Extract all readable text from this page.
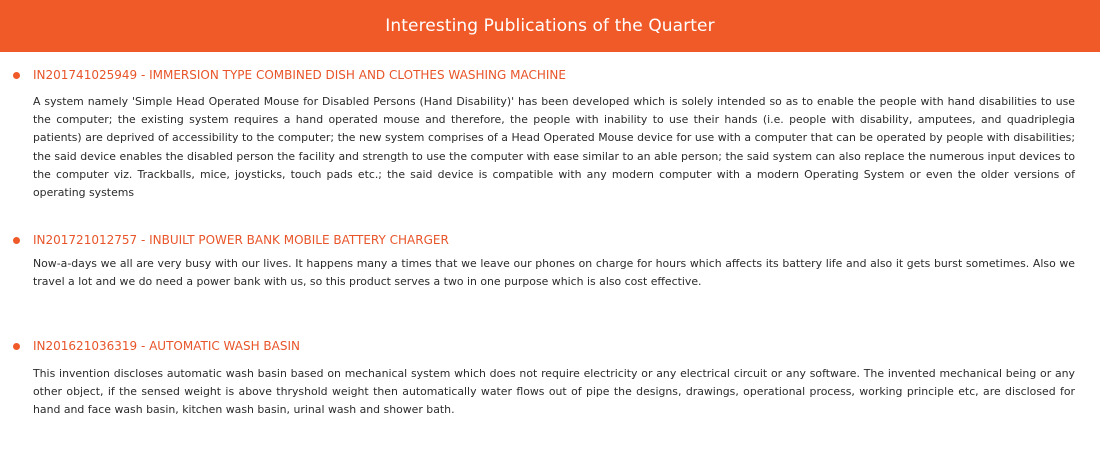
Interesting Publications of the Quarter
IN201741025949 - IMMERSION TYPE COMBINED DISH AND CLOTHES WASHING MACHINE
A system namely 'Simple Head Operated Mouse for Disabled Persons (Hand Disability)' has been developed which is solely intended so as to enable the people with hand disabilities to use the computer; the existing system requires a hand operated mouse and therefore, the people with inability to use their hands (i.e. people with disability, amputees, and quadriplegia patients) are deprived of accessibility to the computer; the new system comprises of a Head Operated Mouse device for use with a computer that can be operated by people with disabilities; the said device enables the disabled person the facility and strength to use the computer with ease similar to an able person; the said system can also replace the numerous input devices to the computer viz. Trackballs, mice, joysticks, touch pads etc.; the said device is compatible with any modern computer with a modern Operating System or even the older versions of operating systems
IN201721012757 - INBUILT POWER BANK MOBILE BATTERY CHARGER
Now-a-days we all are very busy with our lives. It happens many a times that we leave our phones on charge for hours which affects its battery life and also it gets burst sometimes. Also we travel a lot and we do need a power bank with us, so this product serves a two in one purpose which is also cost effective.
IN201621036319 - AUTOMATIC WASH BASIN
This invention discloses automatic wash basin based on mechanical system which does not require electricity or any electrical circuit or any software. The invented mechanical being or any other object, if the sensed weight is above thryshold weight then automatically water flows out of pipe the designs, drawings, operational process, working principle etc, are disclosed for hand and face wash basin, kitchen wash basin, urinal wash and shower bath.
